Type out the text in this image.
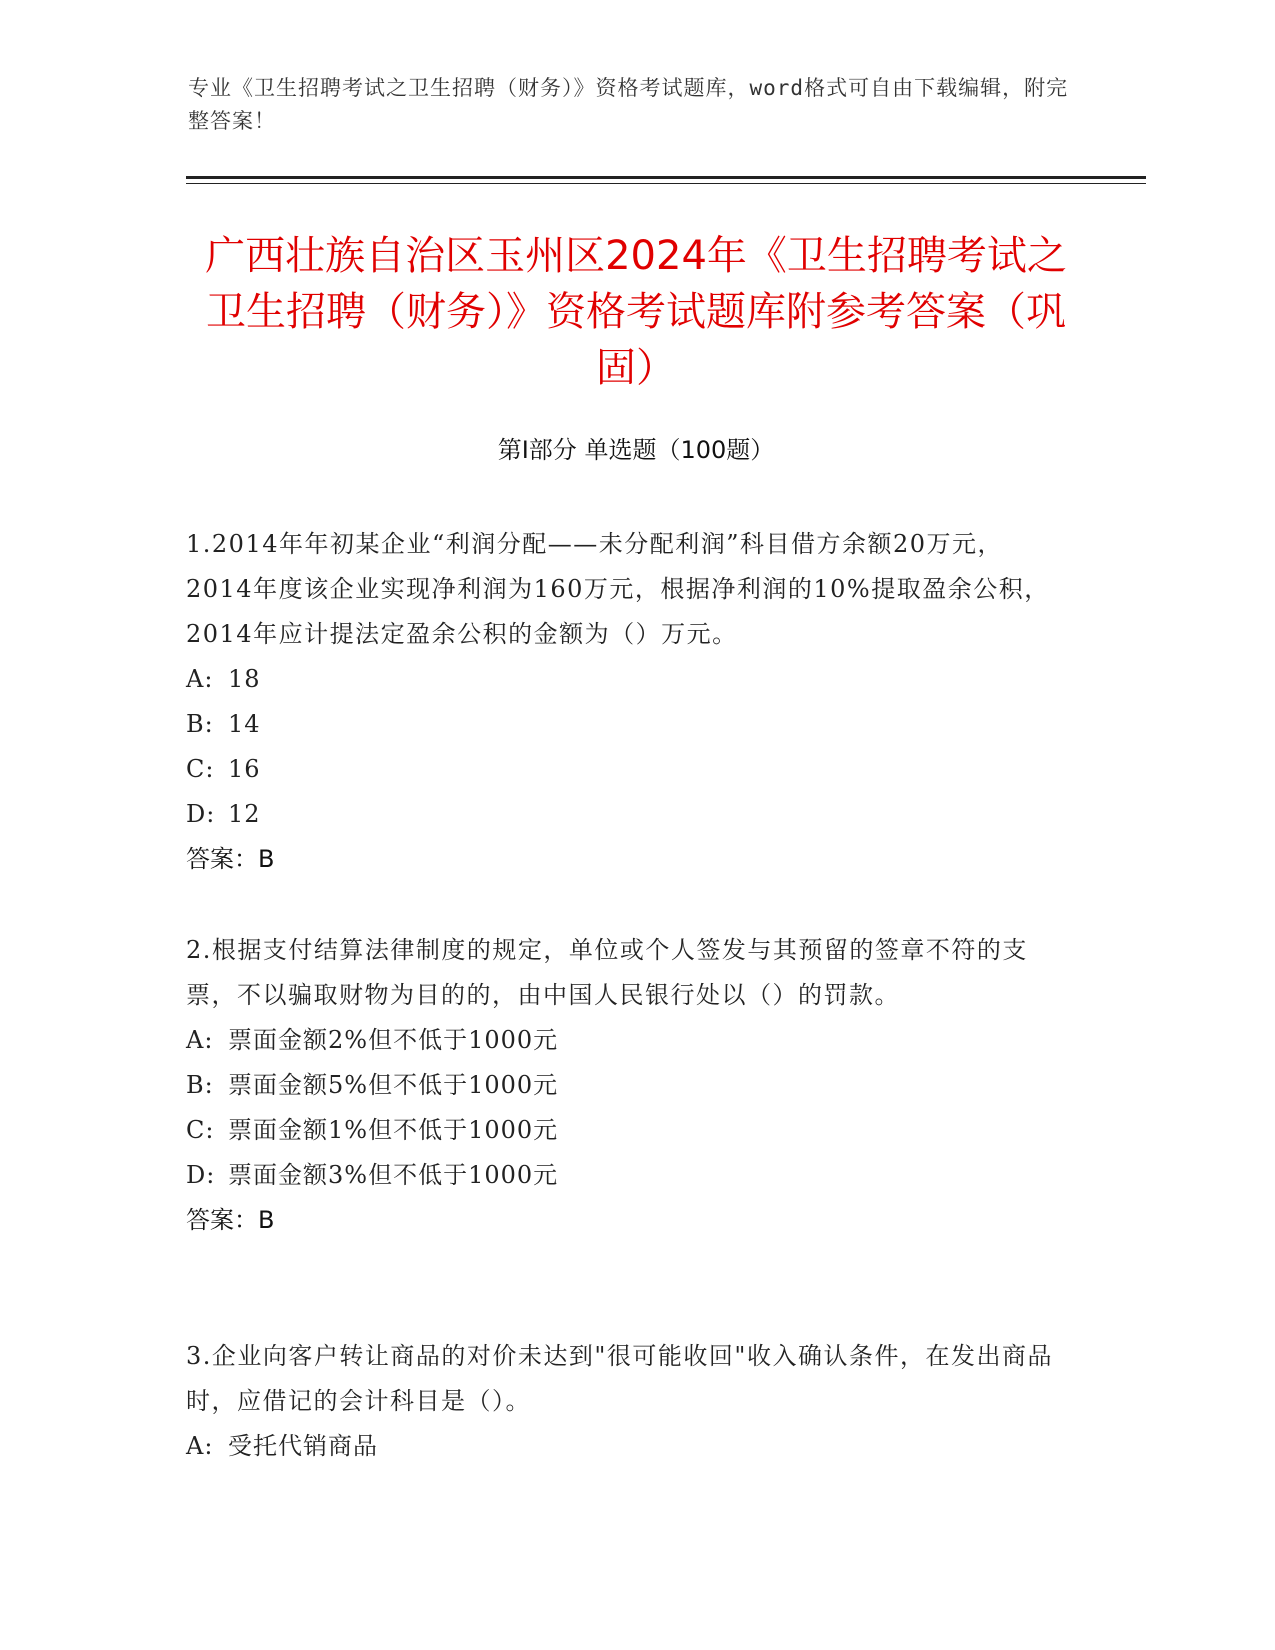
专业《卫生招聘考试之卫生招聘（财务）》资格考试题库，word格式可自由下载编辑，附完整答案！
广西壮族自治区玉州区2024年《卫生招聘考试之卫生招聘（财务）》资格考试题库附参考答案（巩固）
第I部分 单选题（100题）
1.2014年年初某企业“利润分配——未分配利润”科目借方余额20万元，2014年度该企业实现净利润为160万元，根据净利润的10%提取盈余公积，2014年应计提法定盈余公积的金额为（）万元。
A: 18
B: 14
C: 16
D: 12
答案：B
2.根据支付结算法律制度的规定，单位或个人签发与其预留的签章不符的支票，不以骗取财物为目的的，由中国人民银行处以（）的罚款。
A: 票面金额2%但不低于1000元
B: 票面金额5%但不低于1000元
C: 票面金额1%但不低于1000元
D: 票面金额3%但不低于1000元
答案：B
3.企业向客户转让商品的对价未达到"很可能收回"收入确认条件，在发出商品时，应借记的会计科目是（）。
A: 受托代销商品
